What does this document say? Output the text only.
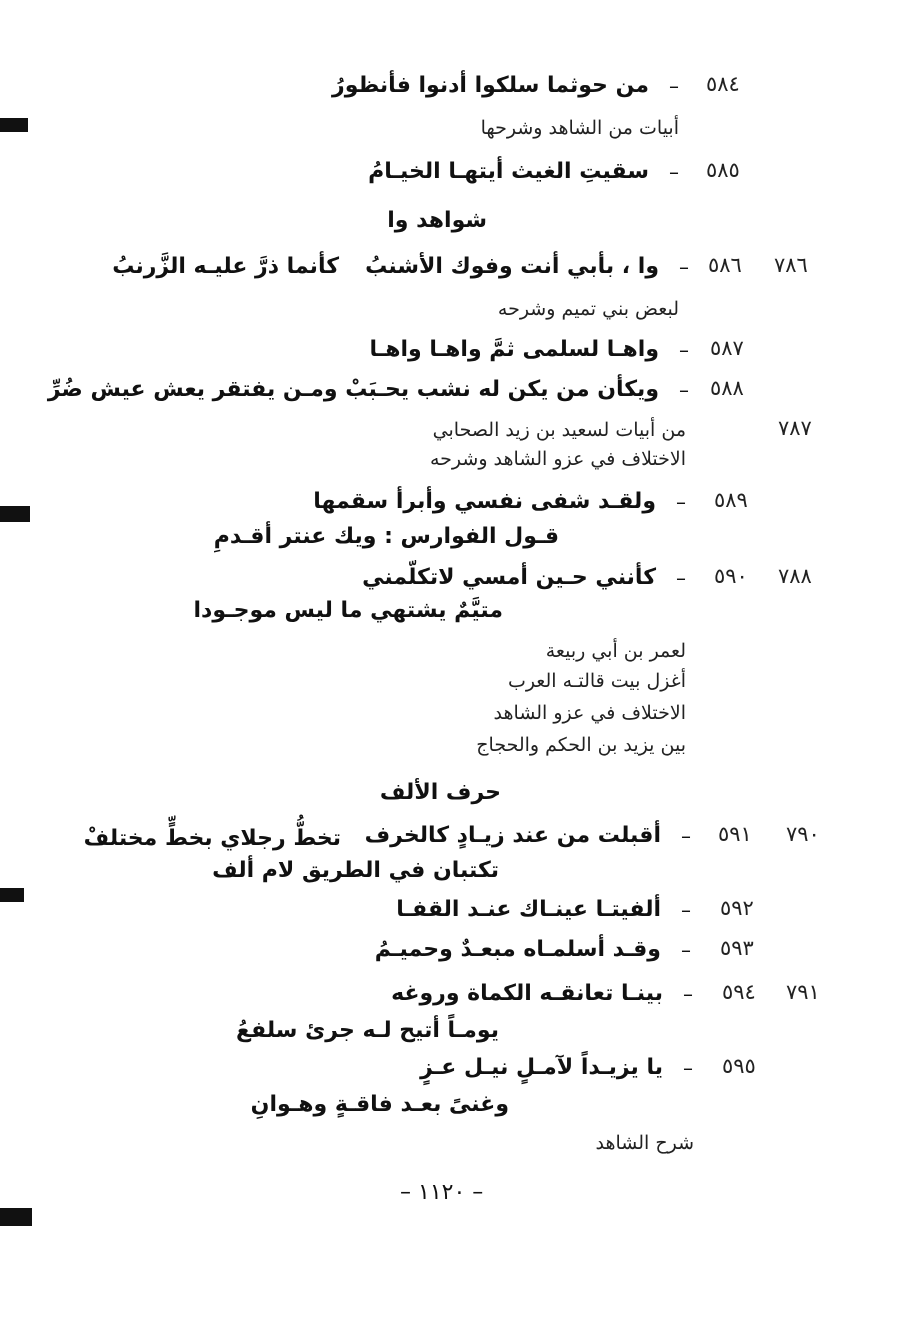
٥٨٤
–
من حوثما سلكوا أدنوا فأنظورُ
أبيات من الشاهد وشرحها
٥٨٥
–
سقيتِ الغيث أيتهـا الخيـامُ
شواهد وا
٧٨٦
٥٨٦
–
وا ، بأبي أنت وفوك الأشنبُ
كأنما ذرَّ عليـه الزَّرنبُ
لبعض بني تميم وشرحه
٥٨٧
–
واهـا لسلمى ثمَّ واهـا واهـا
٥٨٨
–
ويكأن من يكن له نشب يحـبَبْ ومـن يفتقر يعش عيش ضُرِّ
٧٨٧
من أبيات لسعيد بن زيد الصحابي
الاختلاف في عزو الشاهد وشرحه
٥٨٩
–
ولقـد شفى نفسي وأبرأ سقمها
قـول الفوارس : ويك عنتر أقـدمِ
٧٨٨
٥٩٠
–
كأنني حـين أمسي لاتكلّمني
متيَّمٌ يشتهي ما ليس موجـودا
لعمر بن أبي ربيعة
أغزل بيت قالتـه العرب
الاختلاف في عزو الشاهد
بين يزيد بن الحكم والحجاج
حرف الألف
٧٩٠
٥٩١
–
أقبلت من عند زيـادٍ كالخرف
تخطُّ رجلاي بخطٍّ مختلفْ
تكتبان في الطريق لام ألف
٥٩٢
–
ألفيتـا عينـاك عنـد القفـا
٥٩٣
–
وقـد أسلمـاه مبعـدٌ وحميـمُ
٧٩١
٥٩٤
–
بينـا تعانقـه الكماة وروغه
يومـاً أتيح لـه جرئ سلفعُ
٥٩٥
–
يا يزيـداً لآمـلٍ نيـل عـزٍ
وغنىً بعـد فاقـةٍ وهـوانِ
شرح الشاهد
– ١١٢٠ –
